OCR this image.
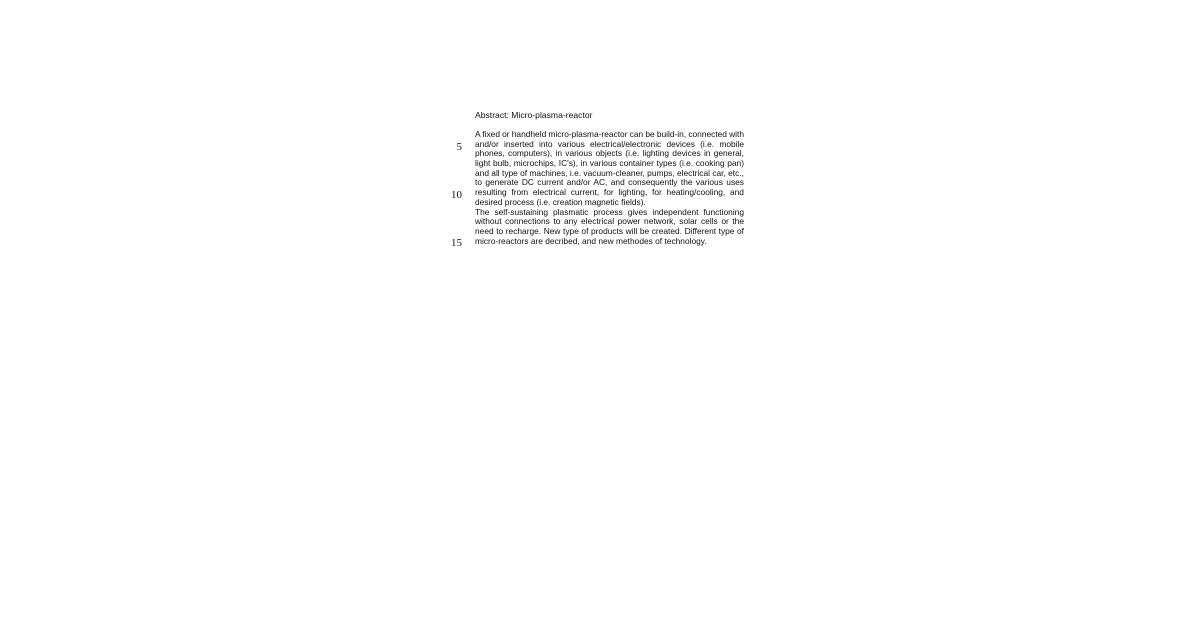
Abstract: Micro-plasma-reactor
5
10
15
A fixed or handheld micro-plasma-reactor can be build-in, connected with
and/or inserted into various electrical/electronic devices (i.e. mobile
phones, computers), in various objects (i.e. lighting devices in general,
light bulb, microchips, IC's), in various container types (i.e. cooking pan)
and all type of machines, i.e. vacuum-cleaner, pumps, electrical car, etc.,
to generate DC current and/or AC, and consequently the various uses
resulting from electrical current, for lighting, for heating/cooling, and
desired process (i.e. creation magnetic fields).
The self-sustaining plasmatic process gives independent functioning
without connections to any electrical power network, solar cells or the
need to recharge. New type of products will be created. Different type of
micro-reactors are decribed, and new methodes of technology.
